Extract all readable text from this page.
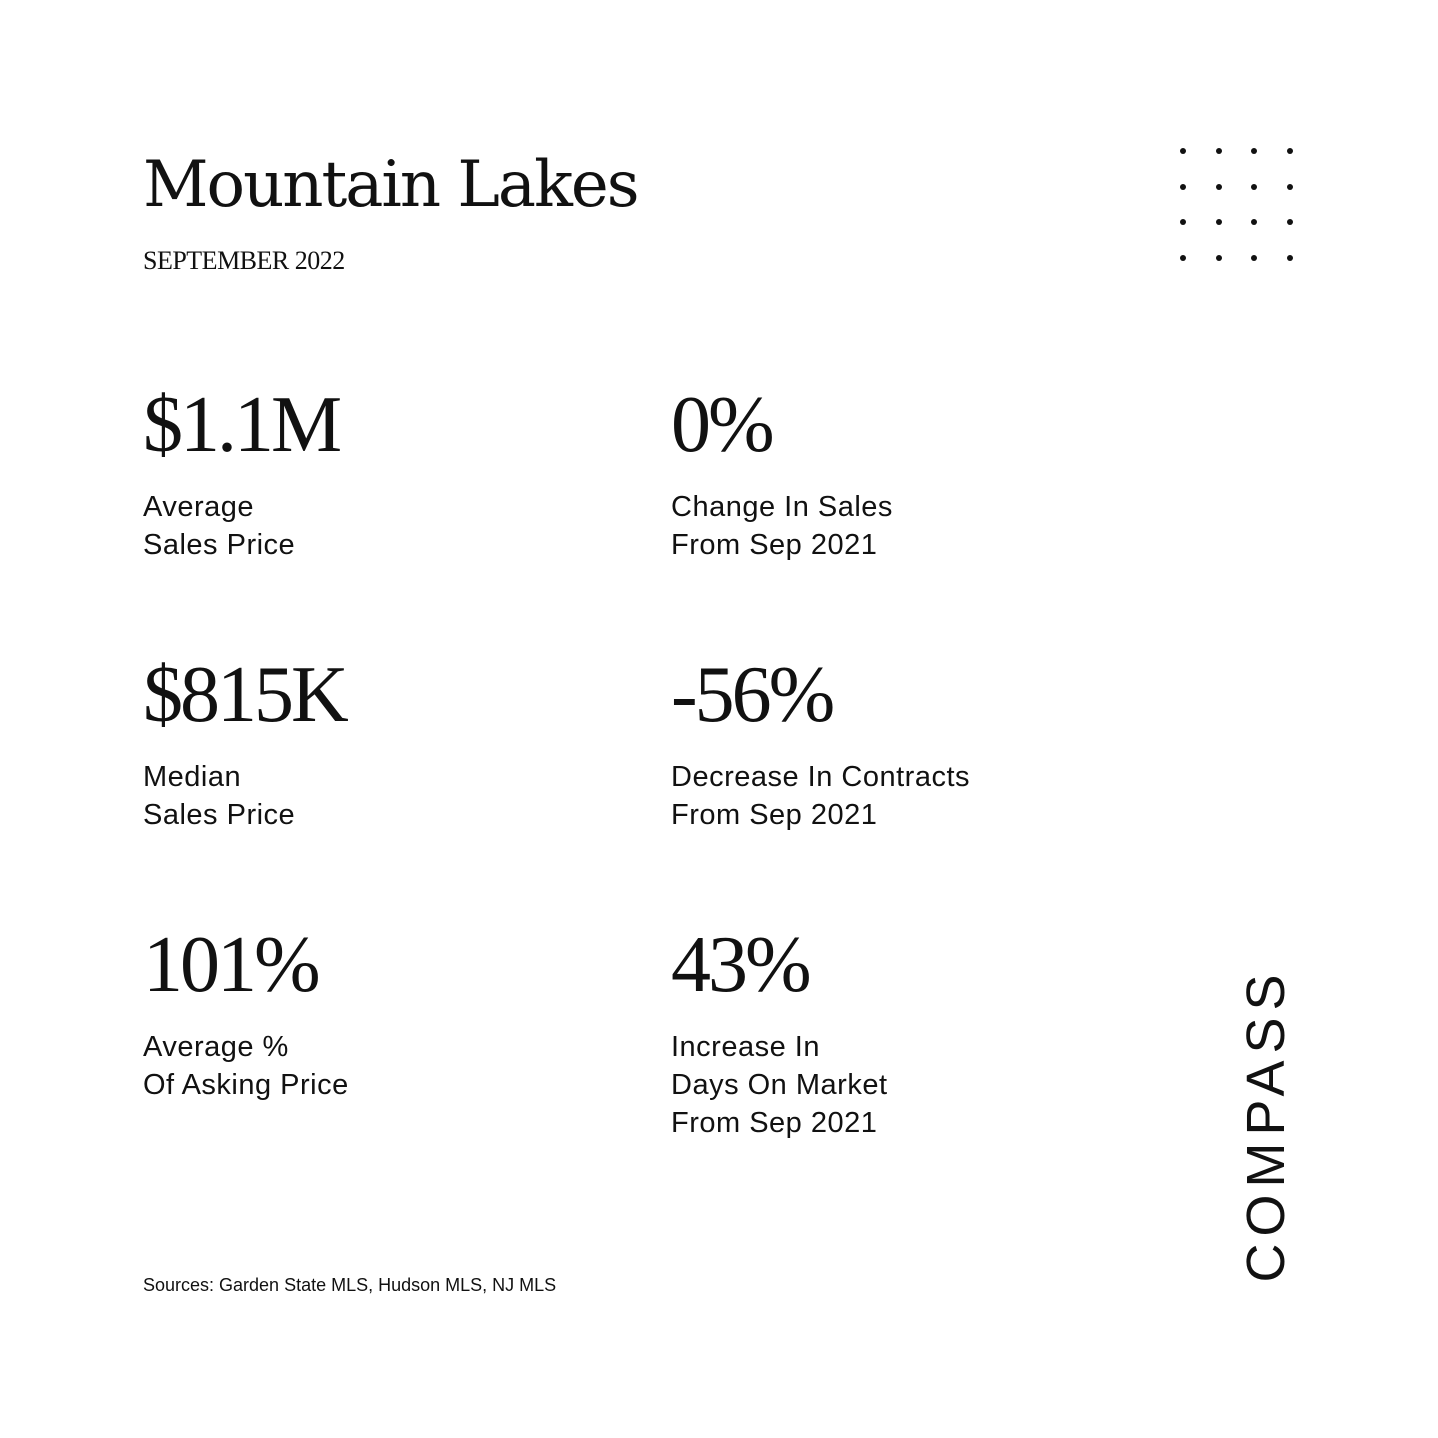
Mountain Lakes
SEPTEMBER 2022
$1.1M
Average
Sales Price
0%
Change In Sales
From Sep 2021
$815K
Median
Sales Price
-56%
Decrease In Contracts
From Sep 2021
101%
Average %
Of Asking Price
43%
Increase In
Days On Market
From Sep 2021
Sources: Garden State MLS, Hudson MLS, NJ MLS
COMPASS
